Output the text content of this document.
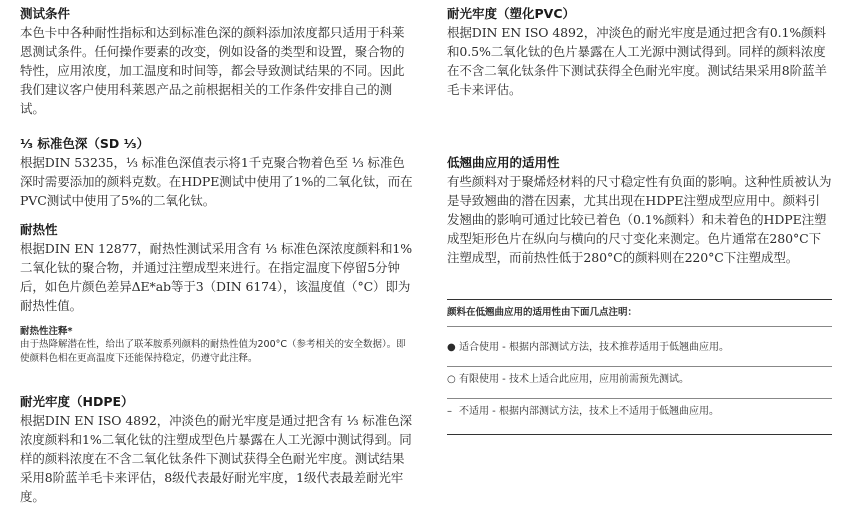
测试条件

本色卡中各种耐性指标和达到标准色深的颜料添加浓度都只适用于科莱恩测试条件。任何操作要素的改变，例如设备的类型和设置，聚合物的特性，应用浓度，加工温度和时间等，都会导致测试结果的不同。因此我们建议客户使用科莱恩产品之前根据相关的工作条件安排自己的测试。

¹⁄₃ 标准色深（SD ¹⁄₃）

根据DIN 53235，¹⁄₃ 标准色深值表示将1千克聚合物着色至 ¹⁄₃ 标准色深时需要添加的颜料克数。在HDPE测试中使用了1%的二氧化钛，而在PVC测试中使用了5%的二氧化钛。

耐热性

根据DIN EN 12877，耐热性测试采用含有 ¹⁄₃ 标准色深浓度颜料和1%二氧化钛的聚合物，并通过注塑成型来进行。在指定温度下停留5分钟后，如色片颜色差异ΔE*ab等于3（DIN 6174），该温度值（°C）即为耐热性值。

耐热性注释*

由于热降解潜在性，给出了联苯胺系列颜料的耐热性值为200°C（参考相关的安全数据）。即使颜料色相在更高温度下还能保持稳定，仍遵守此注释。

耐光牢度（HDPE）

根据DIN EN ISO 4892，冲淡色的耐光牢度是通过把含有 ¹⁄₃ 标准色深浓度颜料和1%二氧化钛的注塑成型色片暴露在人工光源中测试得到。同样的颜料浓度在不含二氧化钛条件下测试获得全色耐光牢度。测试结果采用8阶蓝羊毛卡来评估，8级代表最好耐光牢度，1级代表最差耐光牢度。

耐光牢度（塑化PVC）

根据DIN EN ISO 4892，冲淡色的耐光牢度是通过把含有0.1%颜料和0.5%二氧化钛的色片暴露在人工光源中测试得到。同样的颜料浓度在不含二氧化钛条件下测试获得全色耐光牢度。测试结果采用8阶蓝羊毛卡来评估。

低翘曲应用的适用性

有些颜料对于聚烯烃材料的尺寸稳定性有负面的影响。这种性质被认为是导致翘曲的潜在因素，尤其出现在HDPE注塑成型应用中。颜料引发翘曲的影响可通过比较已着色（0.1%颜料）和未着色的HDPE注塑成型矩形色片在纵向与横向的尺寸变化来测定。色片通常在280°C下注塑成型，而前热性低于280°C的颜料则在220°C下注塑成型。

颜料在低翘曲应用的适用性由下面几点注明：
● 适合使用 - 根据内部测试方法，技术推荐适用于低翘曲应用。
○ 有限使用 - 技术上适合此应用，应用前需预先测试。
– 不适用 - 根据内部测试方法，技术上不适用于低翘曲应用。
